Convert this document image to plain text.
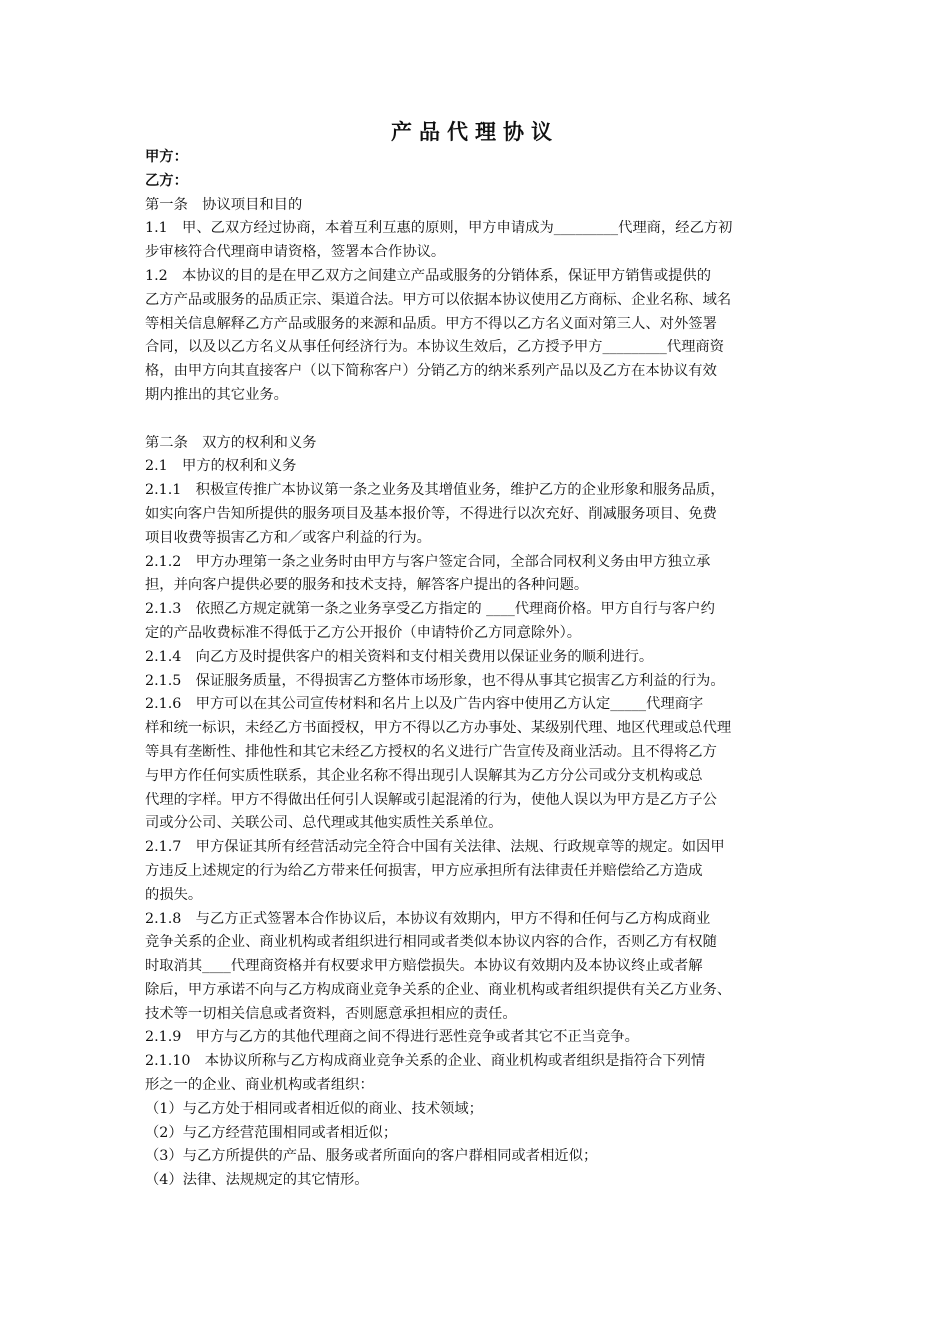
产品代理协议
甲方：
乙方：
第一条　协议项目和目的
1.1　甲、乙双方经过协商，本着互利互惠的原则，甲方申请成为_________代理商，经乙方初
步审核符合代理商申请资格，签署本合作协议。
1.2　本协议的目的是在甲乙双方之间建立产品或服务的分销体系，保证甲方销售或提供的
乙方产品或服务的品质正宗、渠道合法。甲方可以依据本协议使用乙方商标、企业名称、域名
等相关信息解释乙方产品或服务的来源和品质。甲方不得以乙方名义面对第三人、对外签署
合同，以及以乙方名义从事任何经济行为。本协议生效后，乙方授予甲方_________代理商资
格，由甲方向其直接客户（以下简称客户）分销乙方的纳米系列产品以及乙方在本协议有效
期内推出的其它业务。
第二条　双方的权利和义务
2.1　甲方的权利和义务
2.1.1　积极宣传推广本协议第一条之业务及其增值业务，维护乙方的企业形象和服务品质，
如实向客户告知所提供的服务项目及基本报价等，不得进行以次充好、削减服务项目、免费
项目收费等损害乙方和／或客户利益的行为。
2.1.2　甲方办理第一条之业务时由甲方与客户签定合同，全部合同权利义务由甲方独立承
担，并向客户提供必要的服务和技术支持，解答客户提出的各种问题。
2.1.3　依照乙方规定就第一条之业务享受乙方指定的 ____代理商价格。甲方自行与客户约
定的产品收费标准不得低于乙方公开报价（申请特价乙方同意除外）。
2.1.4　向乙方及时提供客户的相关资料和支付相关费用以保证业务的顺利进行。
2.1.5　保证服务质量，不得损害乙方整体市场形象，也不得从事其它损害乙方利益的行为。
2.1.6　甲方可以在其公司宣传材料和名片上以及广告内容中使用乙方认定_____代理商字
样和统一标识，未经乙方书面授权，甲方不得以乙方办事处、某级别代理、地区代理或总代理
等具有垄断性、排他性和其它未经乙方授权的名义进行广告宣传及商业活动。且不得将乙方
与甲方作任何实质性联系，其企业名称不得出现引人误解其为乙方分公司或分支机构或总
代理的字样。甲方不得做出任何引人误解或引起混淆的行为，使他人误以为甲方是乙方子公
司或分公司、关联公司、总代理或其他实质性关系单位。
2.1.7　甲方保证其所有经营活动完全符合中国有关法律、法规、行政规章等的规定。如因甲
方违反上述规定的行为给乙方带来任何损害，甲方应承担所有法律责任并赔偿给乙方造成
的损失。
2.1.8　与乙方正式签署本合作协议后，本协议有效期内，甲方不得和任何与乙方构成商业
竞争关系的企业、商业机构或者组织进行相同或者类似本协议内容的合作，否则乙方有权随
时取消其____代理商资格并有权要求甲方赔偿损失。本协议有效期内及本协议终止或者解
除后，甲方承诺不向与乙方构成商业竞争关系的企业、商业机构或者组织提供有关乙方业务、
技术等一切相关信息或者资料，否则愿意承担相应的责任。
2.1.9　甲方与乙方的其他代理商之间不得进行恶性竞争或者其它不正当竞争。
2.1.10　本协议所称与乙方构成商业竞争关系的企业、商业机构或者组织是指符合下列情
形之一的企业、商业机构或者组织：
（1）与乙方处于相同或者相近似的商业、技术领域；
（2）与乙方经营范围相同或者相近似；
（3）与乙方所提供的产品、服务或者所面向的客户群相同或者相近似；
（4）法律、法规规定的其它情形。
